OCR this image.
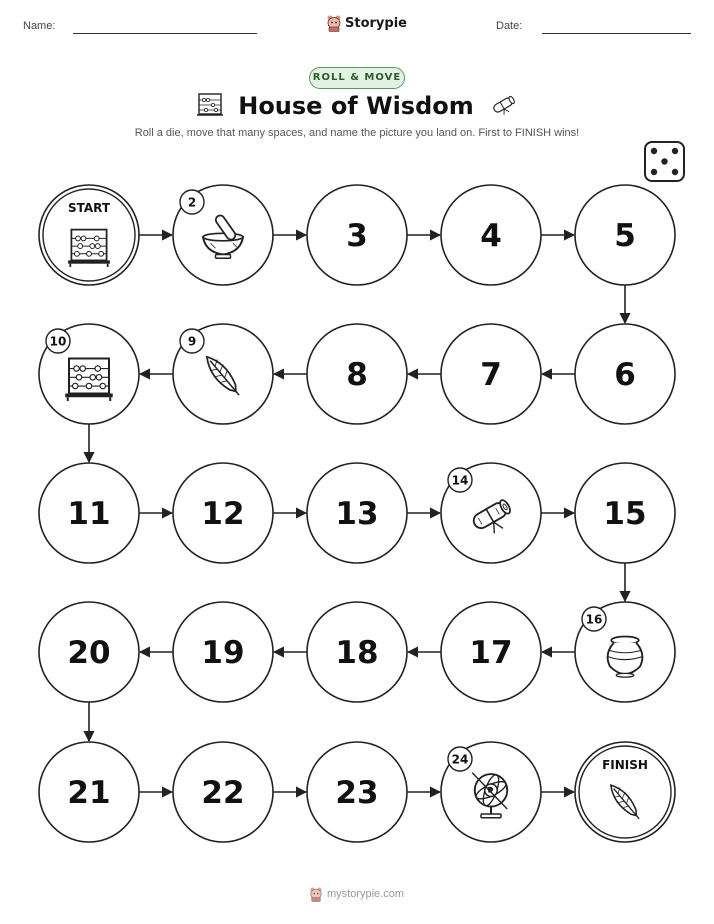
Name:	Storypie	Date:
ROLL & MOVE
House of Wisdom
Roll a die, move that many spaces, and name the picture you land on. First to FINISH wins!
START	2
3	4	5
6
7
8
9
10
11	12	13
14
15
16
17
18
19
20
21	22	23
24	FINISH
mystorypie.com
